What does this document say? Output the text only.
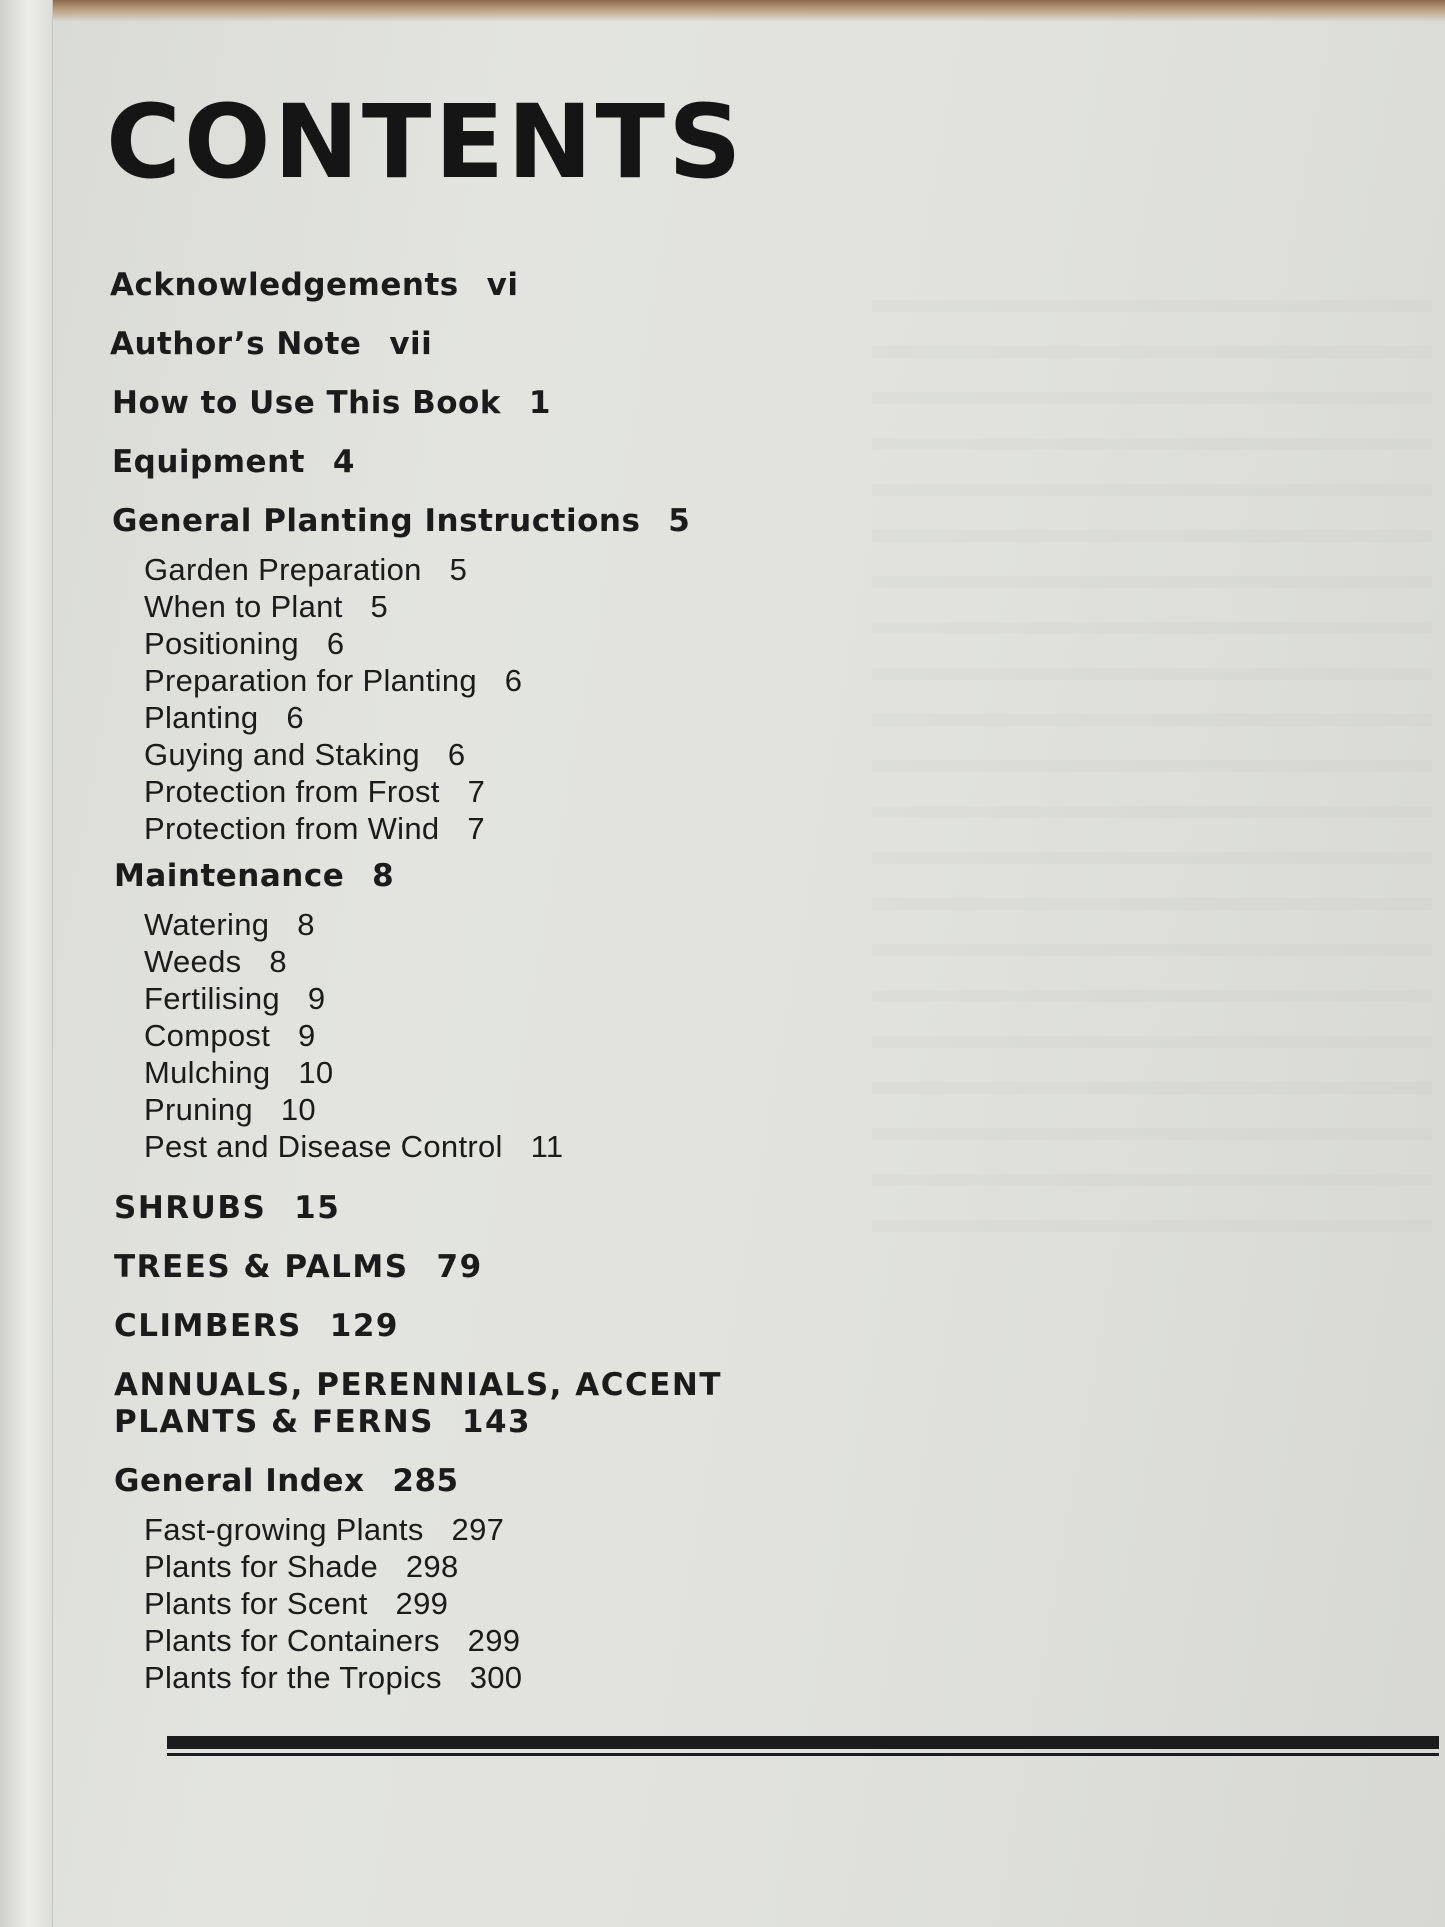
CONTENTS
Acknowledgements vi
Author’s Note vii
How to Use This Book 1
Equipment 4
General Planting Instructions 5
Garden Preparation 5
When to Plant 5
Positioning 6
Preparation for Planting 6
Planting 6
Guying and Staking 6
Protection from Frost 7
Protection from Wind 7
Maintenance 8
Watering 8
Weeds 8
Fertilising 9
Compost 9
Mulching 10
Pruning 10
Pest and Disease Control 11
SHRUBS 15
TREES & PALMS 79
CLIMBERS 129
ANNUALS, PERENNIALS, ACCENT
PLANTS & FERNS 143
General Index 285
Fast-growing Plants 297
Plants for Shade 298
Plants for Scent 299
Plants for Containers 299
Plants for the Tropics 300
